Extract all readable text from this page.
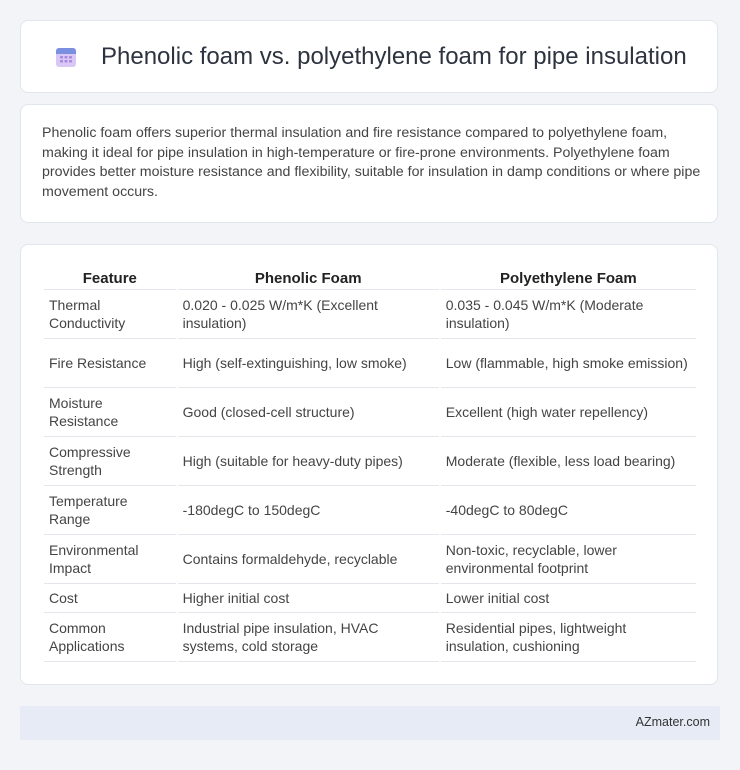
Phenolic foam vs. polyethylene foam for pipe insulation

Phenolic foam offers superior thermal insulation and fire resistance compared to polyethylene foam, making it ideal for pipe insulation in high-temperature or fire-prone environments. Polyethylene foam provides better moisture resistance and flexibility, suitable for insulation in damp conditions or where pipe movement occurs.

Feature	Phenolic Foam	Polyethylene Foam
Thermal Conductivity	0.020 - 0.025 W/m*K (Excellent insulation)	0.035 - 0.045 W/m*K (Moderate insulation)
Fire Resistance	High (self-extinguishing, low smoke)	Low (flammable, high smoke emission)
Moisture Resistance	Good (closed-cell structure)	Excellent (high water repellency)
Compressive Strength	High (suitable for heavy-duty pipes)	Moderate (flexible, less load bearing)
Temperature Range	-180degC to 150degC	-40degC to 80degC
Environmental Impact	Contains formaldehyde, recyclable	Non-toxic, recyclable, lower environmental footprint
Cost	Higher initial cost	Lower initial cost
Common Applications	Industrial pipe insulation, HVAC systems, cold storage	Residential pipes, lightweight insulation, cushioning
AZmater.com
